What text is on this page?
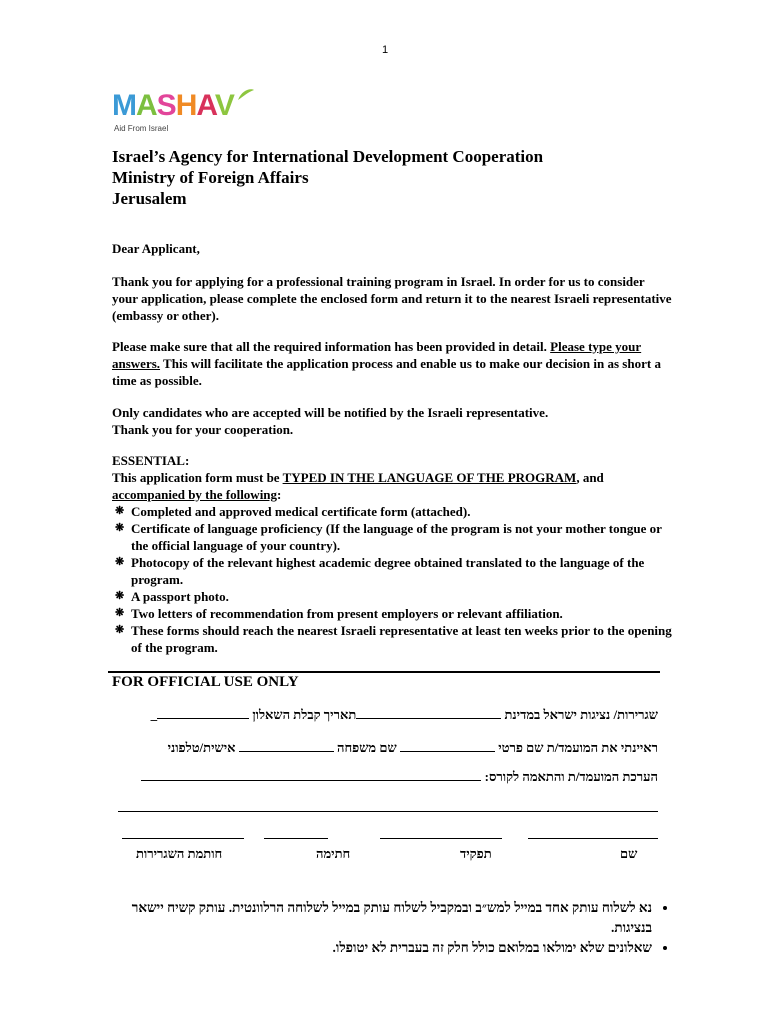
1
MASHAV
Aid From Israel
Israel’s Agency for International Development Cooperation
Ministry of Foreign Affairs
Jerusalem
Dear Applicant,
Thank you for applying for a professional training program in Israel. In order for us to consider your application, please complete the enclosed form and return it to the nearest Israeli representative (embassy or other).
Please make sure that all the required information has been provided in detail. Please type your answers. This will facilitate the application process and enable us to make our decision in as short a time as possible.
Only candidates who are accepted will be notified by the Israeli representative.
Thank you for your cooperation.
ESSENTIAL:
This application form must be TYPED IN THE LANGUAGE OF THE PROGRAM, and accompanied by the following:
❋ Completed and approved medical certificate form (attached).
❋ Certificate of language proficiency (If the language of the program is not your mother tongue or the official language of your country).
❋ Photocopy of the relevant highest academic degree obtained translated to the language of the program.
❋ A passport photo.
❋ Two letters of recommendation from present employers or relevant affiliation.
❋ These forms should reach the nearest Israeli representative at least ten weeks prior to the opening of the program.
FOR OFFICIAL USE ONLY
שגרירות/ נציגות ישראל במדינת תאריך קבלת השאלון _
ראיינתי את המועמד/ת שם פרטי  שם משפחה  אישית/טלפוני
הערכת המועמד/ת והתאמה לקורס:
שם
תפקיד
חתימה
חותמת השגרירות
• נא לשלוח עותק אחד במייל למש״ב ובמקביל לשלוח עותק במייל לשלוחה הרלוונטית. עותק קשיח יישאר בנציגות.
• שאלונים שלא ימולאו במלואם כולל חלק זה בעברית לא יטופלו.
